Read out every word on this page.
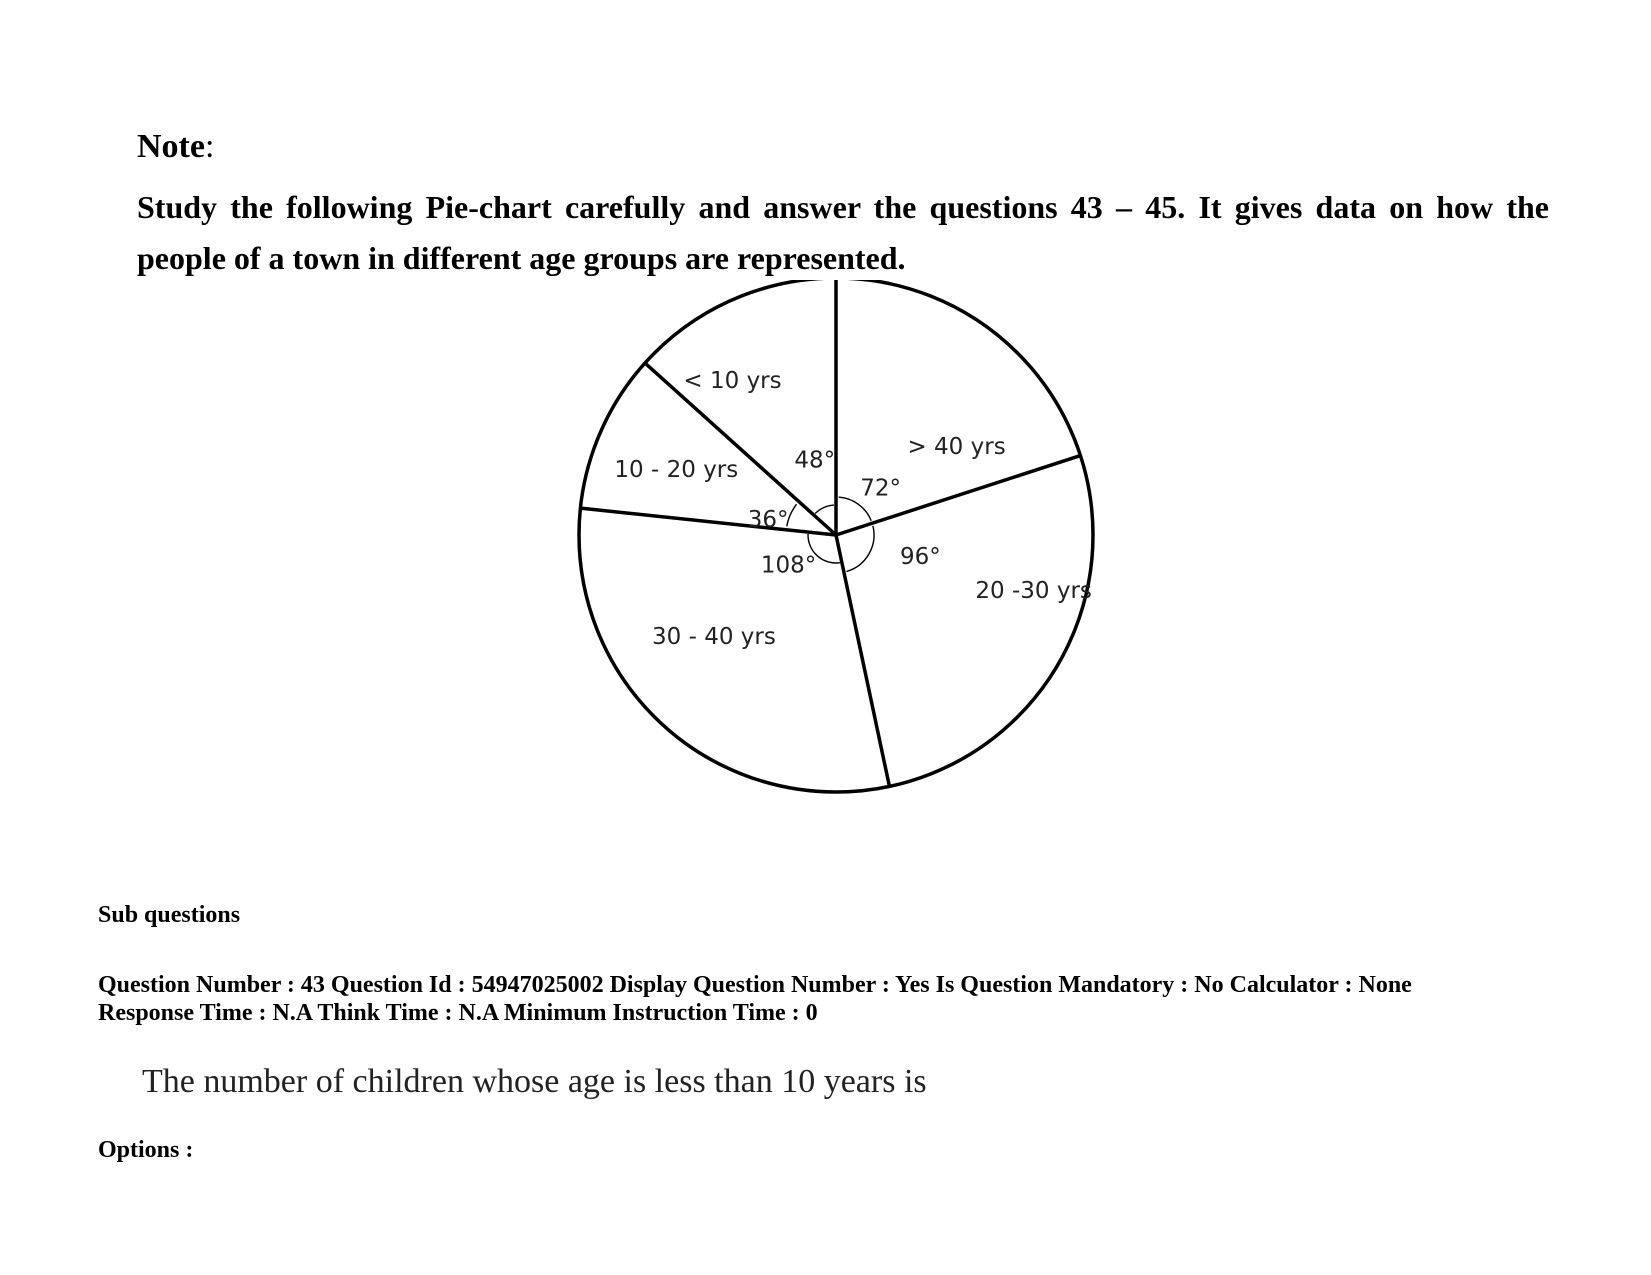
Note:

Study the following Pie-chart carefully and answer the questions 43 – 45. It gives data on how the people of a town in different age groups are represented.

> 40 yrs
72°
20 -30 yrs
96°
30 - 40 yrs
108°
10 - 20 yrs
36°
< 10 yrs
48°

Sub questions

Question Number : 43 Question Id : 54947025002 Display Question Number : Yes Is Question Mandatory : No Calculator : None
Response Time : N.A Think Time : N.A Minimum Instruction Time : 0

The number of children whose age is less than 10 years is

Options :
